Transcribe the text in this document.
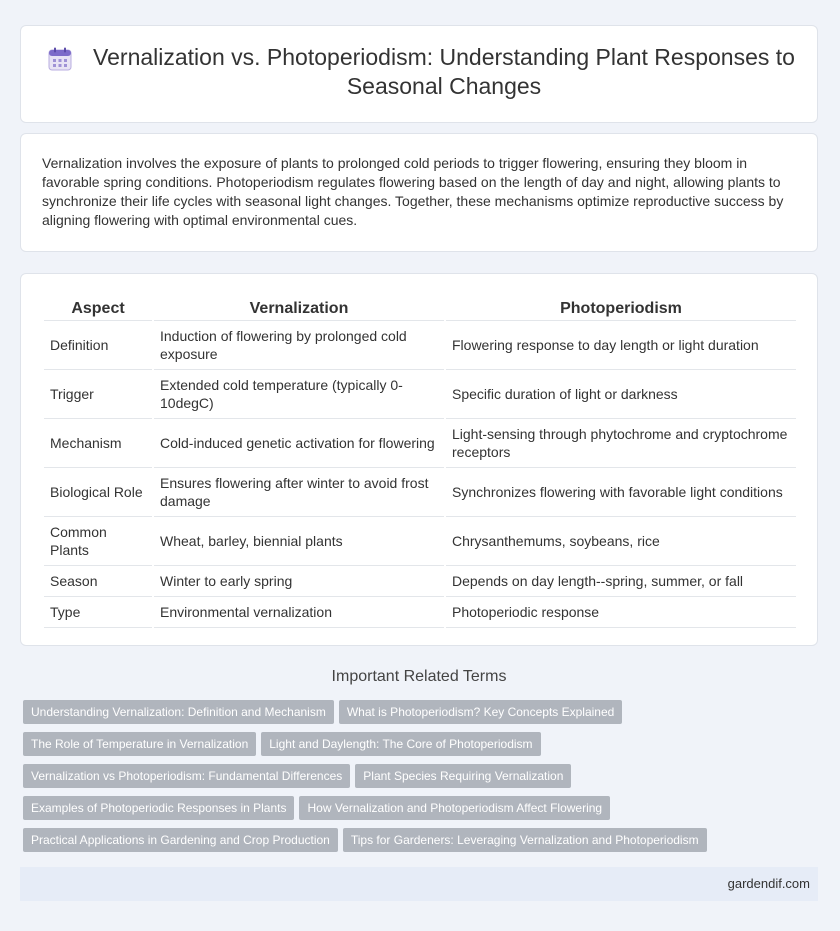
Vernalization vs. Photoperiodism: Understanding Plant Responses to Seasonal Changes

Vernalization involves the exposure of plants to prolonged cold periods to trigger flowering, ensuring they bloom in favorable spring conditions. Photoperiodism regulates flowering based on the length of day and night, allowing plants to synchronize their life cycles with seasonal light changes. Together, these mechanisms optimize reproductive success by aligning flowering with optimal environmental cues.

Aspect	Vernalization	Photoperiodism
Definition	Induction of flowering by prolonged cold exposure	Flowering response to day length or light duration
Trigger	Extended cold temperature (typically 0-10degC)	Specific duration of light or darkness
Mechanism	Cold-induced genetic activation for flowering	Light-sensing through phytochrome and cryptochrome receptors
Biological Role	Ensures flowering after winter to avoid frost damage	Synchronizes flowering with favorable light conditions
Common Plants	Wheat, barley, biennial plants	Chrysanthemums, soybeans, rice
Season	Winter to early spring	Depends on day length--spring, summer, or fall
Type	Environmental vernalization	Photoperiodic response
Important Related Terms
Understanding Vernalization: Definition and Mechanism What is Photoperiodism? Key Concepts Explained
The Role of Temperature in Vernalization Light and Daylength: The Core of Photoperiodism
Vernalization vs Photoperiodism: Fundamental Differences Plant Species Requiring Vernalization
Examples of Photoperiodic Responses in Plants How Vernalization and Photoperiodism Affect Flowering
Practical Applications in Gardening and Crop Production Tips for Gardeners: Leveraging Vernalization and Photoperiodism
gardendif.com
